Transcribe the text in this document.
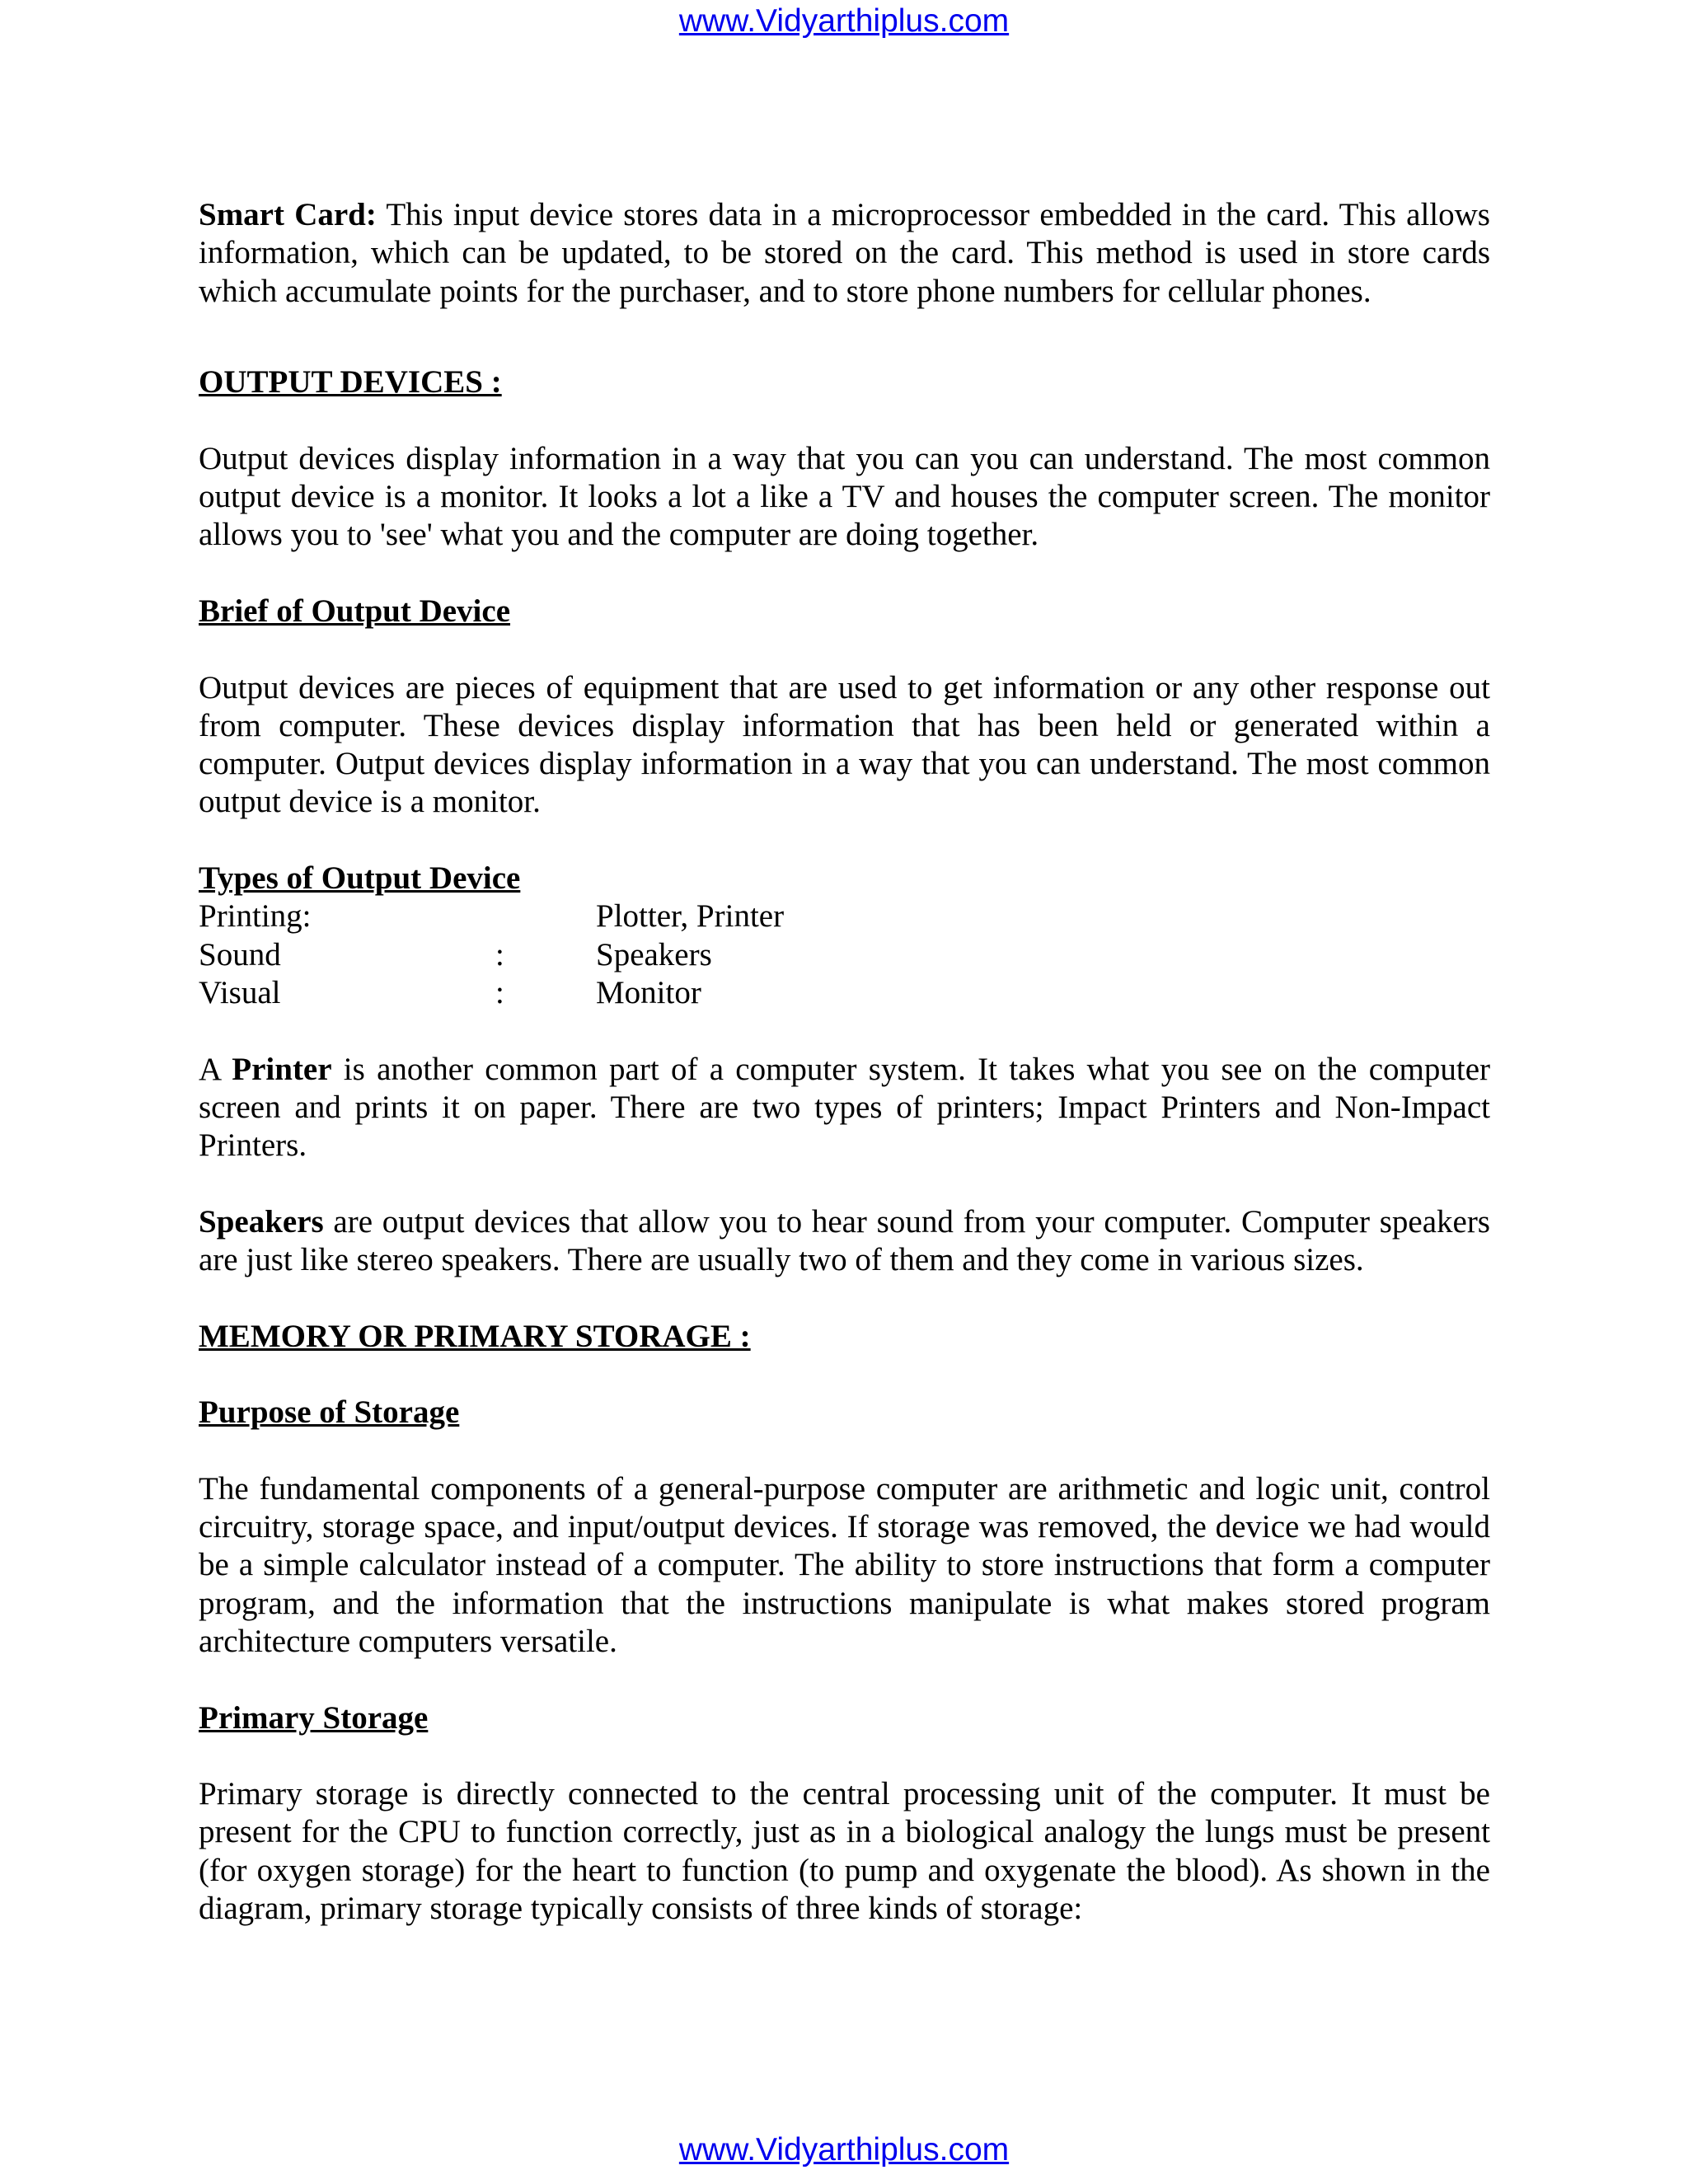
www.Vidyarthiplus.com

Smart Card: This input device stores data in a microprocessor embedded in the card. This allows information, which can be updated, to be stored on the card. This method is used in store cards which accumulate points for the purchaser, and to store phone numbers for cellular phones.

OUTPUT DEVICES :

Output devices display information in a way that you can you can understand. The most common output device is a monitor. It looks a lot a like a TV and houses the computer screen. The monitor allows you to 'see' what you and the computer are doing together.

Brief of Output Device

Output devices are pieces of equipment that are used to get information or any other response out from computer. These devices display information that has been held or generated within a computer. Output devices display information in a way that you can understand. The most common output device is a monitor.

Types of Output Device
Printing:	Plotter, Printer
Sound	:	Speakers
Visual	:	Monitor

A Printer is another common part of a computer system. It takes what you see on the computer screen and prints it on paper. There are two types of printers; Impact Printers and Non-Impact Printers.

Speakers are output devices that allow you to hear sound from your computer. Computer speakers are just like stereo speakers. There are usually two of them and they come in various sizes.

MEMORY OR PRIMARY STORAGE :
Purpose of Storage

The fundamental components of a general-purpose computer are arithmetic and logic unit, control circuitry, storage space, and input/output devices. If storage was removed, the device we had would be a simple calculator instead of a computer. The ability to store instructions that form a computer program, and the information that the instructions manipulate is what makes stored program architecture computers versatile.

Primary Storage

Primary storage is directly connected to the central processing unit of the computer. It must be present for the CPU to function correctly, just as in a biological analogy the lungs must be present (for oxygen storage) for the heart to function (to pump and oxygenate the blood). As shown in the diagram, primary storage typically consists of three kinds of storage:

www.Vidyarthiplus.com
